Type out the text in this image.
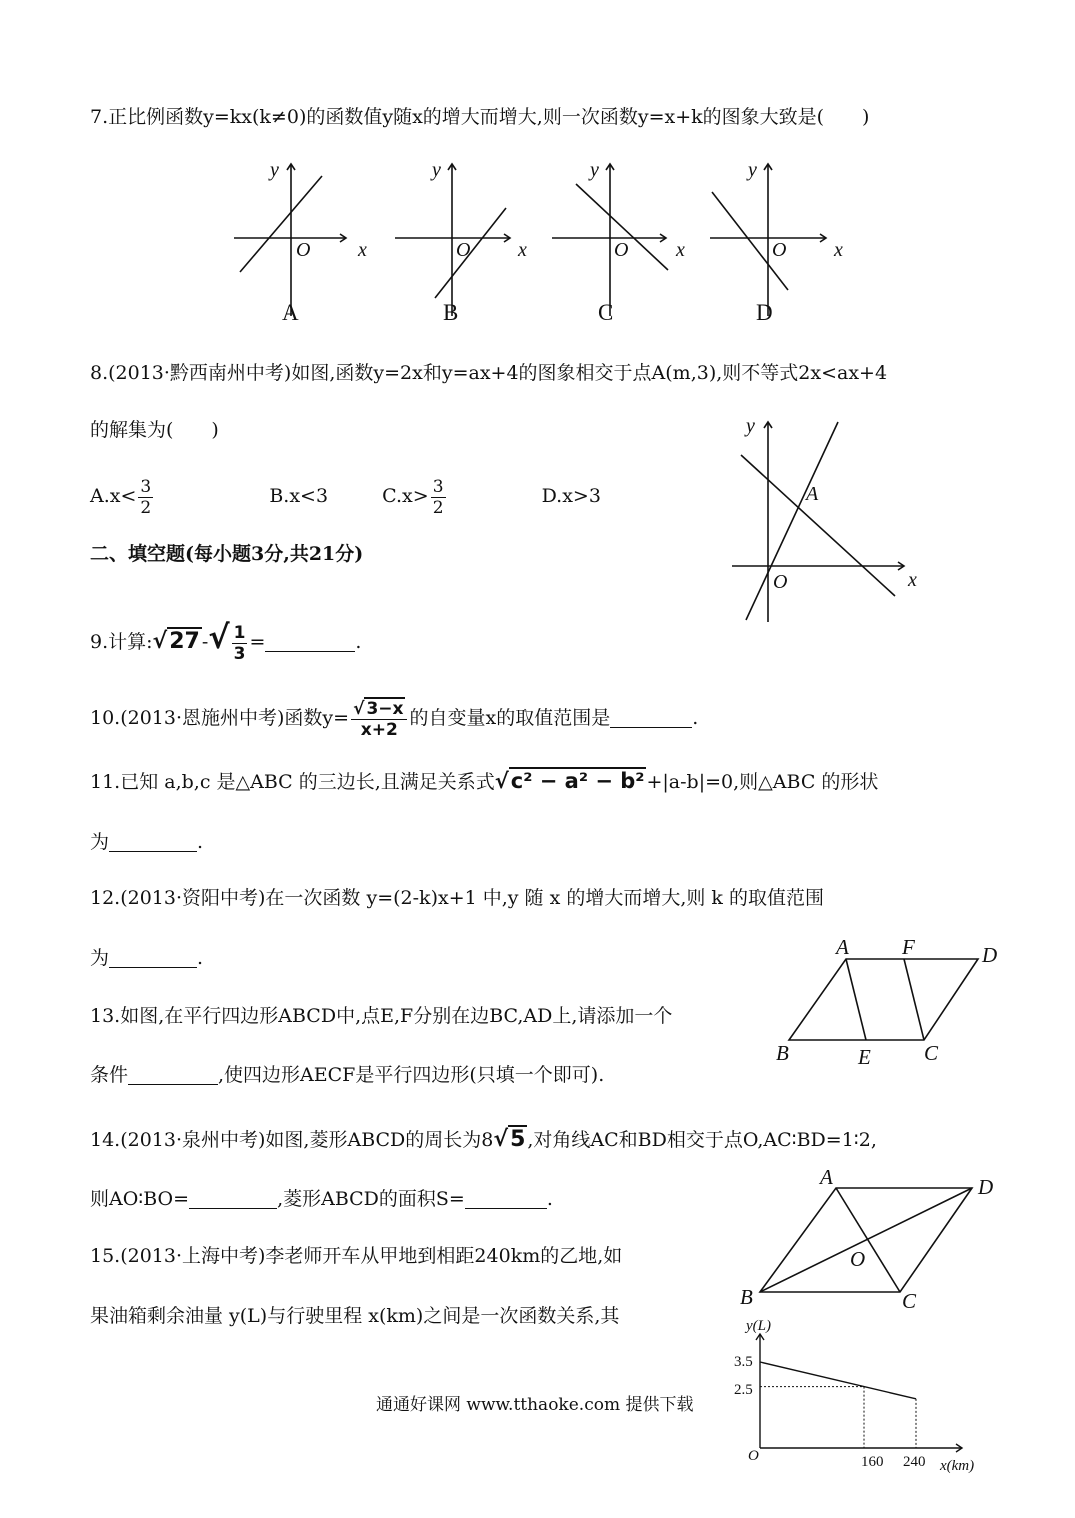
7.正比例函数y=kx(k≠0)的函数值y随x的增大而增大,则一次函数y=x+k的图象大致是(　　)
y
O x
y
O x
y
O x
y
O x
A	B	C	D
8.(2013·黔西南州中考)如图,函数y=2x和y=ax+4的图象相交于点A(m,3),则不等式2x<ax+4
的解集为(　　)
$A.x< \frac{3}{2}$	B.x<3	$C.x> \frac{3}{2}$	D.x>3
y
A
O	x
二、填空题(每小题3分,共21分)
9.计算:√27 -√ $\frac{1}{3}$ =	.
10.(2013·恩施州中考)函数$y= \frac{√ 3-x}{x+2}$ 的自变量x的取值范围是	.
11.已知 a,b,c 是△ABC 的三边长,且满足关系式√c² − a² − b² +|a-b|=0,则△ABC 的形状
为	.
12.(2013·资阳中考)在一次函数 y=(2-k)x+1 中,y 随 x 的增大而增大,则 k 的取值范围
为	.
13.如图,在平行四边形ABCD中,点E,F分别在边BC,AD上,请添加一个
条件	,使四边形AECF是平行四边形(只填一个即可).
A	F	D
B	E	C
14.(2013·泉州中考)如图,菱形ABCD的周长为8√5 ,对角线AC和BD相交于点O,AC∶BD=1∶2,
则AO∶BO=	,菱形ABCD的面积S=	.
A	D
O
B	C
15.(2013·上海中考)李老师开车从甲地到相距240km的乙地,如
果油箱剩余油量 y(L)与行驶里程 x(km)之间是一次函数关系,其	y(L)
3.5
2.5
O	160 240 x(km)
通通好课网 www.tthaoke.com 提供下载
